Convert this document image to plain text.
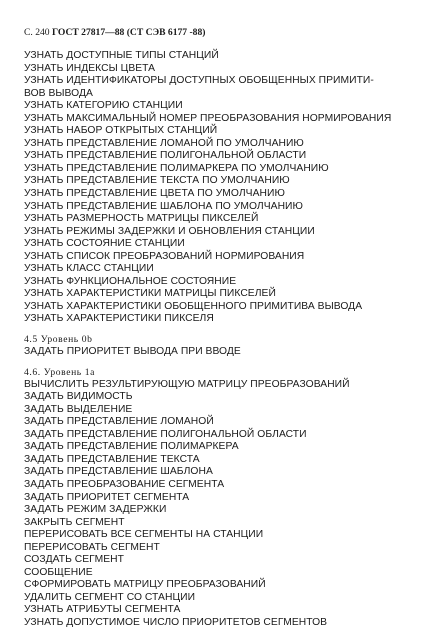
С. 240 ГОСТ 27817—88 (СТ СЭВ 6177 -88)
УЗНАТЬ ДОСТУПНЫЕ ТИПЫ СТАНЦИЙ
УЗНАТЬ ИНДЕКСЫ ЦВЕТА
УЗНАТЬ ИДЕНТИФИКАТОРЫ ДОСТУПНЫХ ОБОБЩЕННЫХ ПРИМИТИ-
ВОВ ВЫВОДА
УЗНАТЬ КАТЕГОРИЮ СТАНЦИИ
УЗНАТЬ МАКСИМАЛЬНЫЙ НОМЕР ПРЕОБРАЗОВАНИЯ НОРМИРОВАНИЯ
УЗНАТЬ НАБОР ОТКРЫТЫХ СТАНЦИЙ
УЗНАТЬ ПРЕДСТАВЛЕНИЕ ЛОМАНОЙ ПО УМОЛЧАНИЮ
УЗНАТЬ ПРЕДСТАВЛЕНИЕ ПОЛИГОНАЛЬНОЙ ОБЛАСТИ
УЗНАТЬ ПРЕДСТАВЛЕНИЕ ПОЛИМАРКЕРА ПО УМОЛЧАНИЮ
УЗНАТЬ ПРЕДСТАВЛЕНИЕ ТЕКСТА ПО УМОЛЧАНИЮ
УЗНАТЬ ПРЕДСТАВЛЕНИЕ ЦВЕТА ПО УМОЛЧАНИЮ
УЗНАТЬ ПРЕДСТАВЛЕНИЕ ШАБЛОНА ПО УМОЛЧАНИЮ
УЗНАТЬ РАЗМЕРНОСТЬ МАТРИЦЫ ПИКСЕЛЕЙ
УЗНАТЬ РЕЖИМЫ ЗАДЕРЖКИ И ОБНОВЛЕНИЯ СТАНЦИИ
УЗНАТЬ СОСТОЯНИЕ СТАНЦИИ
УЗНАТЬ СПИСОК ПРЕОБРАЗОВАНИЙ НОРМИРОВАНИЯ
УЗНАТЬ КЛАСС СТАНЦИИ
УЗНАТЬ ФУНКЦИОНАЛЬНОЕ СОСТОЯНИЕ
УЗНАТЬ ХАРАКТЕРИСТИКИ МАТРИЦЫ ПИКСЕЛЕЙ
УЗНАТЬ ХАРАКТЕРИСТИКИ ОБОБЩЕННОГО ПРИМИТИВА ВЫВОДА
УЗНАТЬ ХАРАКТЕРИСТИКИ ПИКСЕЛЯ
4.5 Уровень 0b
ЗАДАТЬ ПРИОРИТЕТ ВЫВОДА ПРИ ВВОДЕ
4.6. Уровень 1a
ВЫЧИСЛИТЬ РЕЗУЛЬТИРУЮЩУЮ МАТРИЦУ ПРЕОБРАЗОВАНИЙ
ЗАДАТЬ ВИДИМОСТЬ
ЗАДАТЬ ВЫДЕЛЕНИЕ
ЗАДАТЬ ПРЕДСТАВЛЕНИЕ ЛОМАНОЙ
ЗАДАТЬ ПРЕДСТАВЛЕНИЕ ПОЛИГОНАЛЬНОЙ ОБЛАСТИ
ЗАДАТЬ ПРЕДСТАВЛЕНИЕ ПОЛИМАРКЕРА
ЗАДАТЬ ПРЕДСТАВЛЕНИЕ ТЕКСТА
ЗАДАТЬ ПРЕДСТАВЛЕНИЕ ШАБЛОНА
ЗАДАТЬ ПРЕОБРАЗОВАНИЕ СЕГМЕНТА
ЗАДАТЬ ПРИОРИТЕТ СЕГМЕНТА
ЗАДАТЬ РЕЖИМ ЗАДЕРЖКИ
ЗАКРЫТЬ СЕГМЕНТ
ПЕРЕРИСОВАТЬ ВСЕ СЕГМЕНТЫ НА СТАНЦИИ
ПЕРЕРИСОВАТЬ СЕГМЕНТ
СОЗДАТЬ СЕГМЕНТ
СООБЩЕНИЕ
СФОРМИРОВАТЬ МАТРИЦУ ПРЕОБРАЗОВАНИЙ
УДАЛИТЬ СЕГМЕНТ СО СТАНЦИИ
УЗНАТЬ АТРИБУТЫ СЕГМЕНТА
УЗНАТЬ ДОПУСТИМОЕ ЧИСЛО ПРИОРИТЕТОВ СЕГМЕНТОВ
